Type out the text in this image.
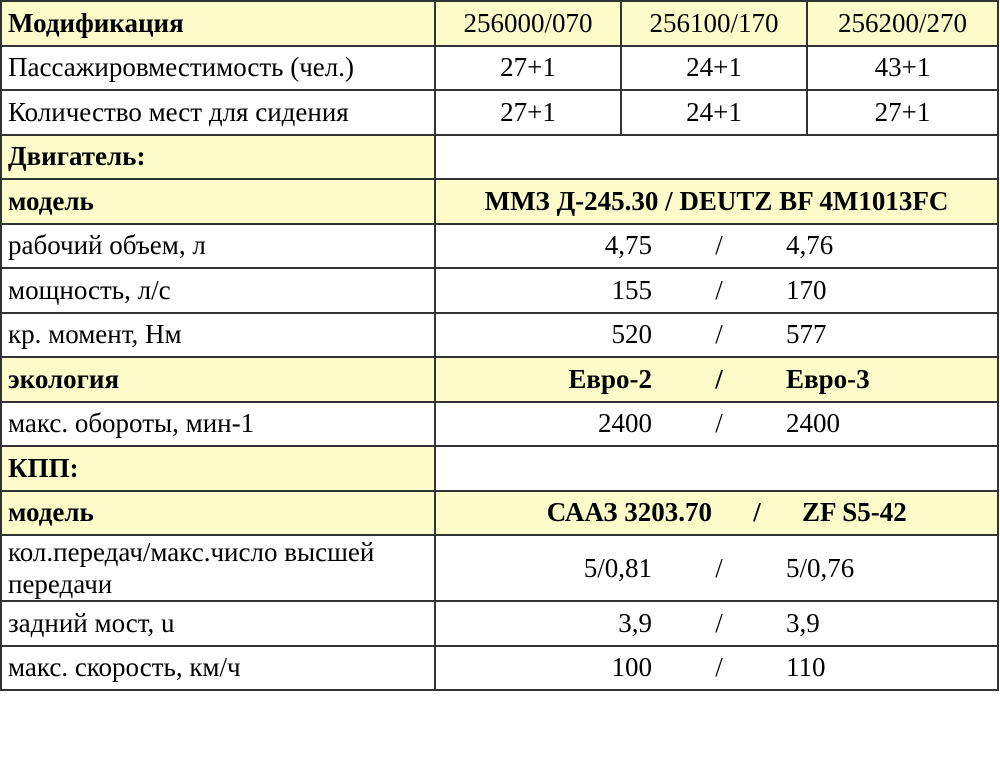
Модификация	256000/070	256100/170	256200/270
Пассажировместимость (чел.)	27+1	24+1	43+1
Количество мест для сидения	27+1	24+1	27+1
Двигатель:			
модель	ММЗ Д-245.30 / DEUTZ BF 4M1013FC		
рабочий объем, л	4,75 / 4,76		

мощность, л/с	155 / 170		

кр. момент, Нм	520 / 577		

экология	Евро-2 / Евро-3		

макс. обороты, мин-1	2400 / 2400		

КПП:			
модель	СААЗ 3203.70 / ZF S5-42		

кол.передач/макс.число высшей передачи	5/0,81 / 5/0,76		

задний мост, u	3,9 / 3,9		

макс. скорость, км/ч	100 / 110		
